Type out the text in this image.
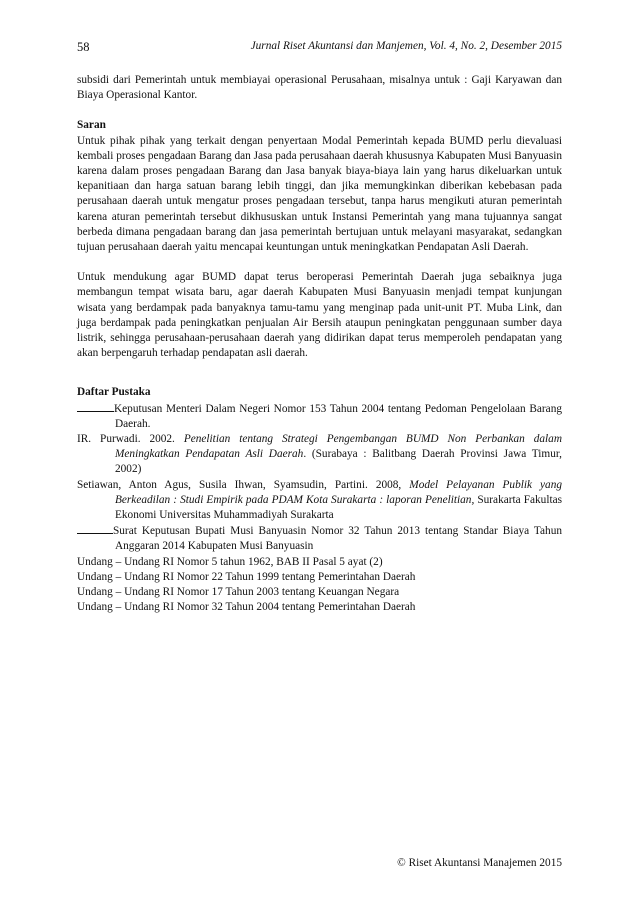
58	Jurnal Riset Akuntansi dan Manjemen, Vol. 4, No. 2, Desember 2015

subsidi dari Pemerintah untuk membiayai operasional Perusahaan, misalnya untuk : Gaji Karyawan dan Biaya Operasional Kantor.

Saran

Untuk pihak pihak yang terkait dengan penyertaan Modal Pemerintah kepada BUMD perlu dievaluasi kembali proses pengadaan Barang dan Jasa pada perusahaan daerah khususnya Kabupaten Musi Banyuasin karena dalam proses pengadaan Barang dan Jasa banyak biaya-biaya lain yang harus dikeluarkan untuk kepanitiaan dan harga satuan barang lebih tinggi, dan jika memungkinkan diberikan kebebasan pada perusahaan daerah untuk mengatur proses pengadaan tersebut, tanpa harus mengikuti aturan pemerintah karena aturan pemerintah tersebut dikhususkan untuk Instansi Pemerintah yang mana tujuannya sangat berbeda dimana pengadaan barang dan jasa pemerintah bertujuan untuk melayani masyarakat, sedangkan tujuan perusahaan daerah yaitu mencapai keuntungan untuk meningkatkan Pendapatan Asli Daerah.

Untuk mendukung agar BUMD dapat terus beroperasi Pemerintah Daerah juga sebaiknya juga membangun tempat wisata baru, agar daerah Kabupaten Musi Banyuasin menjadi tempat kunjungan wisata yang berdampak pada banyaknya tamu-tamu yang menginap pada unit-unit PT. Muba Link, dan juga berdampak pada peningkatkan penjualan Air Bersih ataupun peningkatan penggunaan sumber daya listrik, sehingga perusahaan-perusahaan daerah yang didirikan dapat terus memperoleh pendapatan yang akan berpengaruh terhadap pendapatan asli daerah.

Daftar Pustaka

Keputusan Menteri Dalam Negeri Nomor 153 Tahun 2004 tentang Pedoman Pengelolaan Barang Daerah.
IR. Purwadi. 2002. Penelitian tentang Strategi Pengembangan BUMD Non Perbankan dalam Meningkatkan Pendapatan Asli Daerah. (Surabaya : Balitbang Daerah Provinsi Jawa Timur, 2002)
Setiawan, Anton Agus, Susila Ihwan, Syamsudin, Partini. 2008, Model Pelayanan Publik yang Berkeadilan : Studi Empirik pada PDAM Kota Surakarta : laporan Penelitian, Surakarta Fakultas Ekonomi Universitas Muhammadiyah Surakarta
Surat Keputusan Bupati Musi Banyuasin Nomor 32 Tahun 2013 tentang Standar Biaya Tahun Anggaran 2014 Kabupaten Musi Banyuasin
Undang – Undang RI Nomor 5 tahun 1962, BAB II Pasal 5 ayat (2)
Undang – Undang RI Nomor 22 Tahun 1999 tentang Pemerintahan Daerah
Undang – Undang RI Nomor 17 Tahun 2003 tentang Keuangan Negara
Undang – Undang RI Nomor 32 Tahun 2004 tentang Pemerintahan Daerah
© Riset Akuntansi Manajemen 2015
